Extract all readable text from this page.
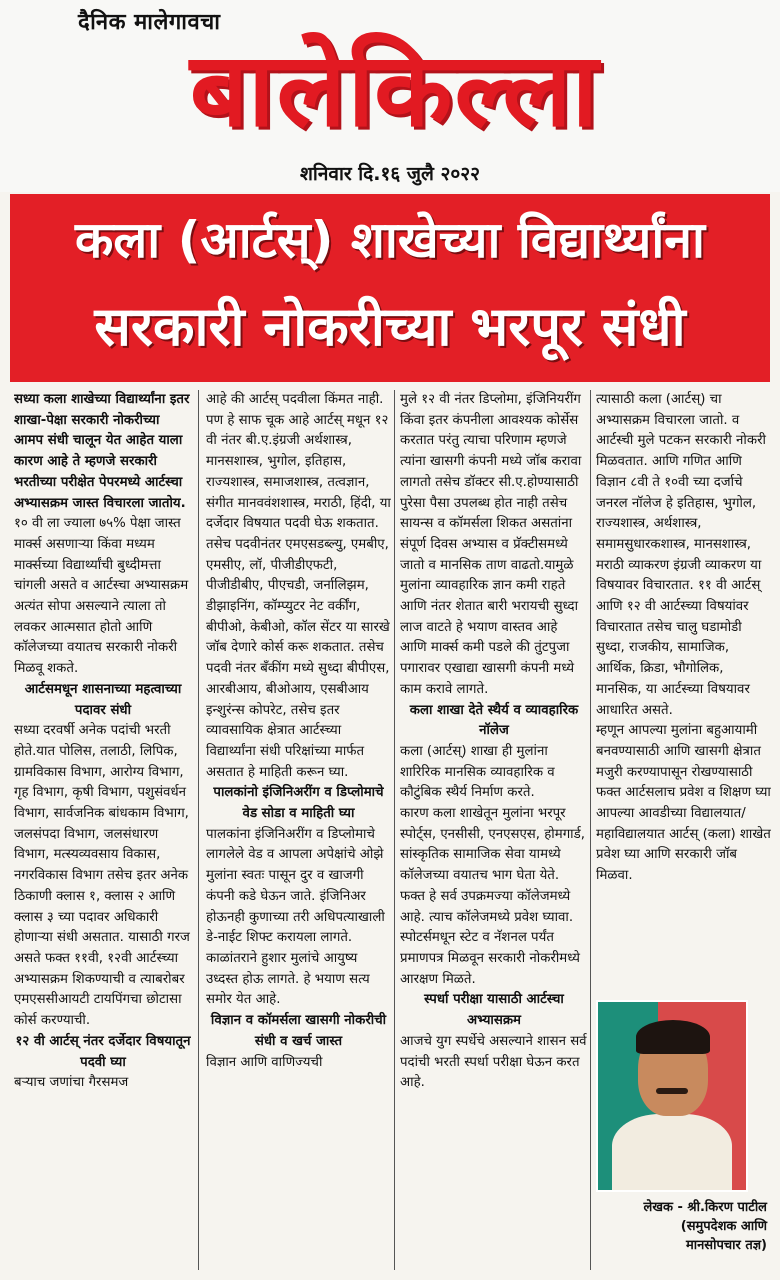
दैनिक मालेगावचा
बालेकिल्ला
शनिवार दि.१६ जुलै २०२२

कला (आर्टस्) शाखेच्या विद्यार्थ्यांना

सरकारी नोकरीच्या भरपूर संधी

सध्या कला शाखेच्या विद्यार्थ्यांना इतर शाखा-पेक्षा सरकारी नोकरीच्या आमप संधी चालून येत आहेत याला कारण आहे ते म्हणजे सरकारी भरतीच्या परीक्षेत पेपरमध्ये आर्टस्चा अभ्यासक्रम जास्त विचारला जातोय.

१० वी ला ज्याला ७५% पेक्षा जास्त मार्क्स असणाऱ्या किंवा मध्यम मार्क्सच्या विद्यार्थ्यांची बुध्दीमत्ता चांगली असते व आर्टस्चा अभ्यासक्रम अत्यंत सोपा असल्याने त्याला तो लवकर आत्मसात होतो आणि कॉलेजच्या वयातच सरकारी नोकरी मिळवू शकते.

आर्टसमधून शासनाच्या महत्वाच्या पदावर संधी

सध्या दरवर्षी अनेक पदांची भरती होते.यात पोलिस, तलाठी, लिपिक, ग्रामविकास विभाग, आरोग्य विभाग, गृह विभाग, कृषी विभाग, पशुसंवर्धन विभाग, सार्वजनिक बांधकाम विभाग, जलसंपदा विभाग, जलसंधारण विभाग, मत्स्यव्यवसाय विकास, नगरविकास विभाग तसेच इतर अनेक ठिकाणी क्लास १, क्लास २ आणि क्लास ३ च्या पदावर अधिकारी होणाऱ्या संधी असतात. यासाठी गरज असते फक्त ११वी, १२वी आर्टस्च्या अभ्यासक्रम शिकण्याची व त्याबरोबर एमएससीआयटी टायपिंगचा छोटासा कोर्स करण्याची.

१२ वी आर्टस् नंतर दर्जेदार विषयातून पदवी घ्या

बऱ्याच जणांचा गैरसमज

आहे की आर्टस् पदवीला किंमत नाही. पण हे साफ चूक आहे आर्टस् मधून १२ वी नंतर बी.ए.इंग्रजी अर्थशास्त्र, मानसशास्त्र, भुगोल, इतिहास, राज्यशास्त्र, समाजशास्त्र, तत्वज्ञान, संगीत मानववंशशास्त्र, मराठी, हिंदी, या दर्जेदार विषयात पदवी घेऊ शकतात. तसेच पदवीनंतर एमएसडब्ल्यु, एमबीए, एमसीए, लॉ, पीजीडीएफटी, पीजीडीबीए, पीएचडी, जर्नालिझम, डीझाइनिंग, कॉम्प्युटर नेट वर्कींग, बीपीओ, केबीओ, कॉल सेंटर या सारखे जॉब देणारे कोर्स करू शकतात. तसेच पदवी नंतर बँकींग मध्ये सुध्दा बीपीएस, आरबीआय, बीओआय, एसबीआय इन्शुरंन्स कोपरेट, तसेच इतर व्यावसायिक क्षेत्रात आर्टस्च्या विद्यार्थ्यांना संधी परिक्षांच्या मार्फत असतात हे माहिती करून घ्या.

पालकांनो इंजिनिअरींग व डिप्लोमाचे वेड सोडा व माहिती घ्या

पालकांना इंजिनिअरींग व डिप्लोमाचे लागलेले वेड व आपला अपेक्षांचे ओझे मुलांना स्वतः पासून दुर व खाजगी कंपनी कडे घेऊन जाते. इंजिनिअर होऊनही कुणाच्या तरी अधिपत्याखाली डे-नाईट शिफ्ट करायला लागते. काळांतराने हुशार मुलांचे आयुष्य उध्दस्त होऊ लागते. हे भयाण सत्य समोर येत आहे.

विज्ञान व कॉमर्सला खासगी नोकरीची संधी व खर्च जास्त

विज्ञान आणि वाणिज्यची

मुले १२ वी नंतर डिप्लोमा, इंजिनियरींग किंवा इतर कंपनीला आवश्यक कोर्सेस करतात परंतु त्याचा परिणाम म्हणजे त्यांना खासगी कंपनी मध्ये जॉब करावा लागतो तसेच डॉक्टर सी.ए.होण्यासाठी पुरेसा पैसा उपलब्ध होत नाही तसेच सायन्स व कॉमर्सला शिकत असतांना संपूर्ण दिवस अभ्यास व प्रॅक्टीसमध्ये जातो व मानसिक ताण वाढतो.यामुळे मुलांना व्यावहारिक ज्ञान कमी राहते आणि नंतर शेतात बारी भरायची सुध्दा लाज वाटते हे भयाण वास्तव आहे आणि मार्क्स कमी पडले की तुंटपुजा पगारावर एखाद्या खासगी कंपनी मध्ये काम करावे लागते.

कला शाखा देते स्थैर्य व व्यावहारिक नॉलेज

कला (आर्टस्) शाखा ही मुलांना शारिरिक मानसिक व्यावहारिक व कौटुंबिक स्थैर्य निर्माण करते.

कारण कला शाखेतून मुलांना भरपूर स्पोर्ट्स, एनसीसी, एनएसएस, होमगार्ड, सांस्कृतिक सामाजिक सेवा यामध्ये कॉलेजच्या वयातच भाग घेता येते. फक्त हे सर्व उपक्रमज्या कॉलेजमध्ये आहे. त्याच कॉलेजमध्ये प्रवेश घ्यावा. स्पोटर्समधून स्टेट व नॅशनल पर्यंत प्रमाणपत्र मिळवून सरकारी नोकरीमध्ये आरक्षण मिळते.

स्पर्धा परीक्षा यासाठी आर्टस्चा अभ्यासक्रम

आजचे युग स्पर्धेचे असल्याने शासन सर्व पदांची भरती स्पर्धा परीक्षा घेऊन करत आहे.

त्यासाठी कला (आर्टस्) चा अभ्यासक्रम विचारला जातो. व आर्टस्ची मुले पटकन सरकारी नोकरी मिळवतात. आणि गणित आणि विज्ञान ८वी ते १०वी च्या दर्जाचे जनरल नॉलेज हे इतिहास, भुगोल, राज्यशास्त्र, अर्थशास्त्र, समामसुधारकशास्त्र, मानसशास्त्र, मराठी व्याकरण इंग्रजी व्याकरण या विषयावर विचारतात. ११ वी आर्टस् आणि १२ वी आर्टस्च्या विषयांवर विचारतात तसेच चालु घडामोडी सुध्दा, राजकीय, सामाजिक, आर्थिक, क्रिडा, भौगोलिक, मानसिक, या आर्टस्च्या विषयावर आधारित असते.

म्हणून आपल्या मुलांना बहुआयामी बनवण्यासाठी आणि खासगी क्षेत्रात मजुरी करण्यापासून रोखण्यासाठी फक्त आर्टसलाच प्रवेश व शिक्षण घ्या आपल्या आवडीच्या विद्यालयात/महाविद्यालयात आर्टस् (कला) शाखेत प्रवेश घ्या आणि सरकारी जॉब मिळवा.

लेखक - श्री.किरण पाटील
(समुपदेशक आणि
मानसोपचार तज्ञ)
